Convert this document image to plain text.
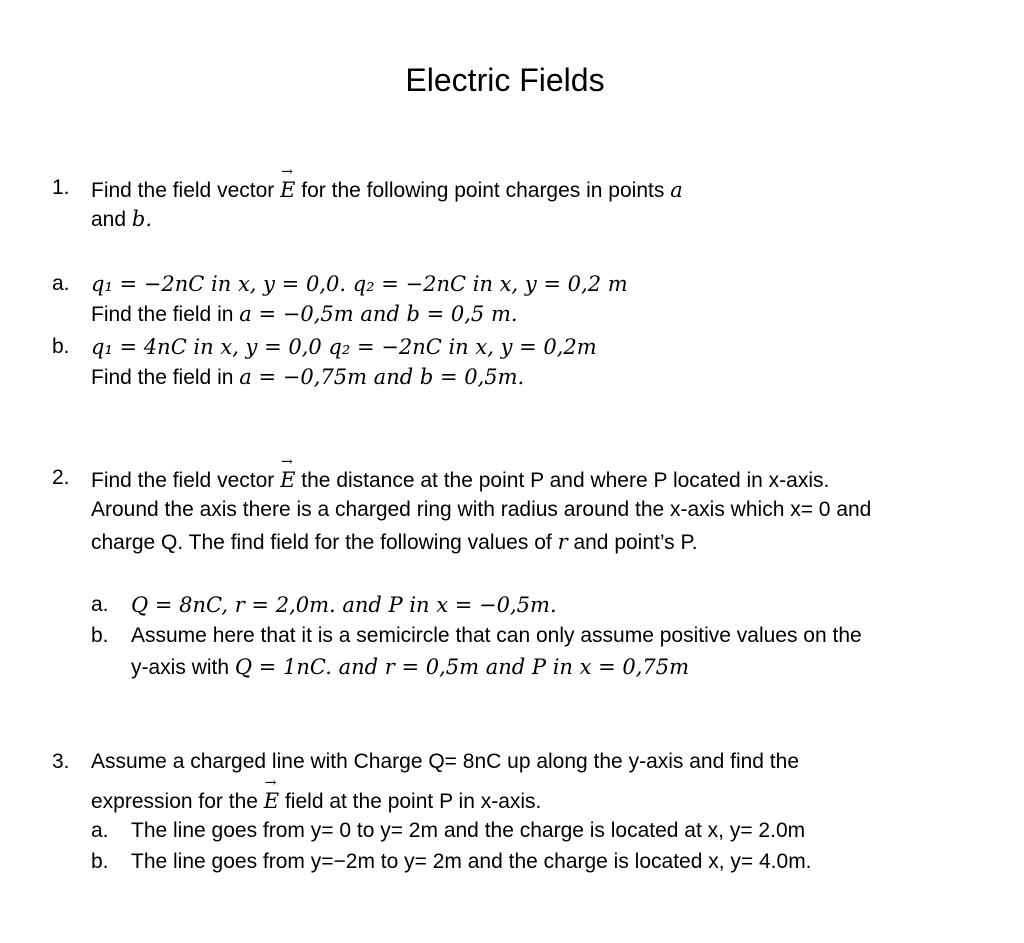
Electric Fields
1. Find the field vector E
→
for the following point charges in points a
and b.
a. q₁ = −2nC in x, y = 0,0. q₂ = −2nC in x, y = 0,2 m
Find the field in a = −0,5m and b = 0,5 m.
b. q₁ = 4nC in x, y = 0,0 q₂ = −2nC in x, y = 0,2m
Find the field in a = −0,75m and b = 0,5m.
2. Find the field vector E
→
the distance at the point P and where P located in x-axis.
Around the axis there is a charged ring with radius around the x-axis which x= 0 and
charge Q. The find field for the following values of r and point’s P.
a. Q = 8nC, r = 2,0m. and P in x = −0,5m.
b. Assume here that it is a semicircle that can only assume positive values on the
y-axis with Q = 1nC. and r = 0,5m and P in x = 0,75m
3. Assume a charged line with Charge Q= 8nC up along the y-axis and find the
expression for the E
→
field at the point P in x-axis.
a. The line goes from y= 0 to y= 2m and the charge is located at x, y= 2.0m
b. The line goes from y=−2m to y= 2m and the charge is located x, y= 4.0m.
